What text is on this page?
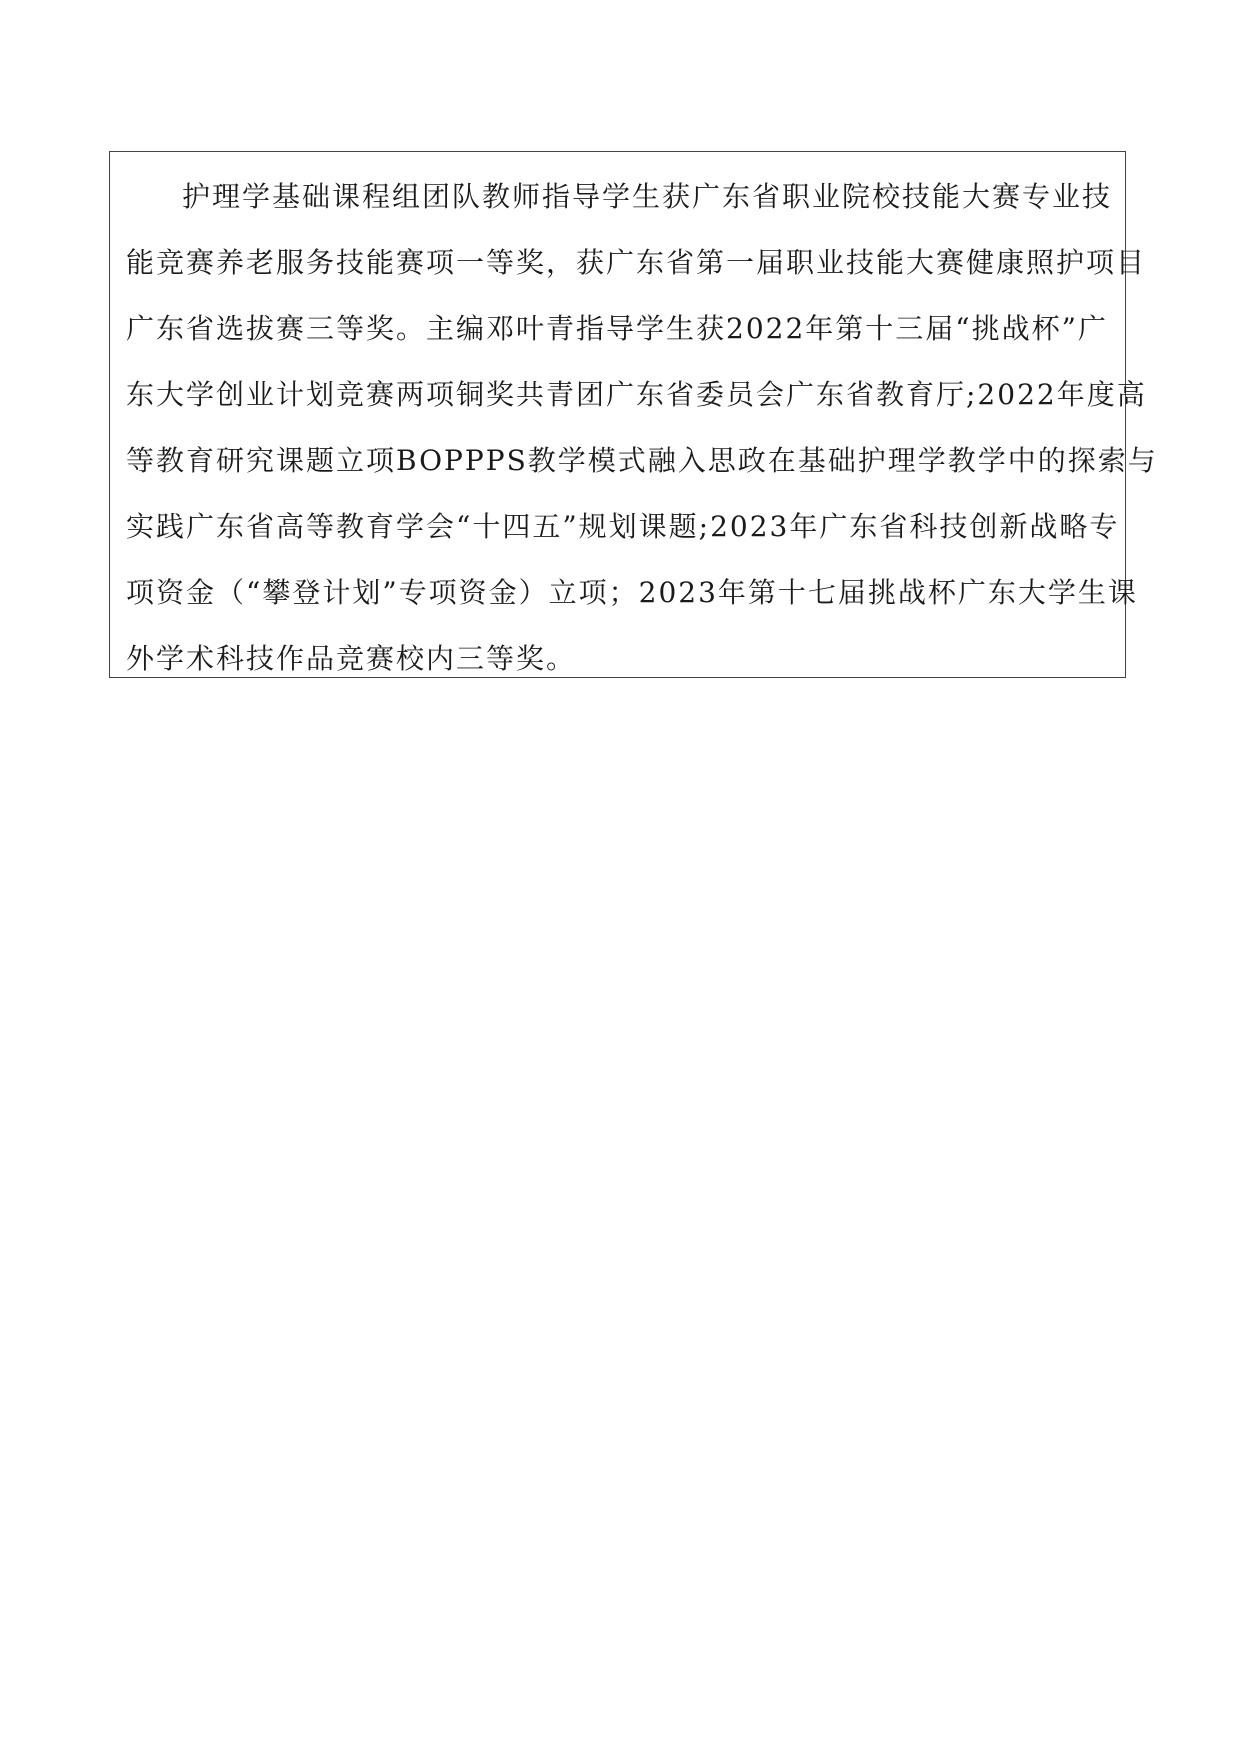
护理学基础课程组团队教师指导学生获广东省职业院校技能大赛专业技
能竞赛养老服务技能赛项一等奖，获广东省第一届职业技能大赛健康照护项目
广东省选拔赛三等奖。主编邓叶青指导学生获2022年第十三届“挑战杯”广
东大学创业计划竞赛两项铜奖共青团广东省委员会广东省教育厅;2022年度高
等教育研究课题立项BOPPPS教学模式融入思政在基础护理学教学中的探索与
实践广东省高等教育学会“十四五”规划课题;2023年广东省科技创新战略专
项资金（“攀登计划”专项资金）立项；2023年第十七届挑战杯广东大学生课
外学术科技作品竞赛校内三等奖。
